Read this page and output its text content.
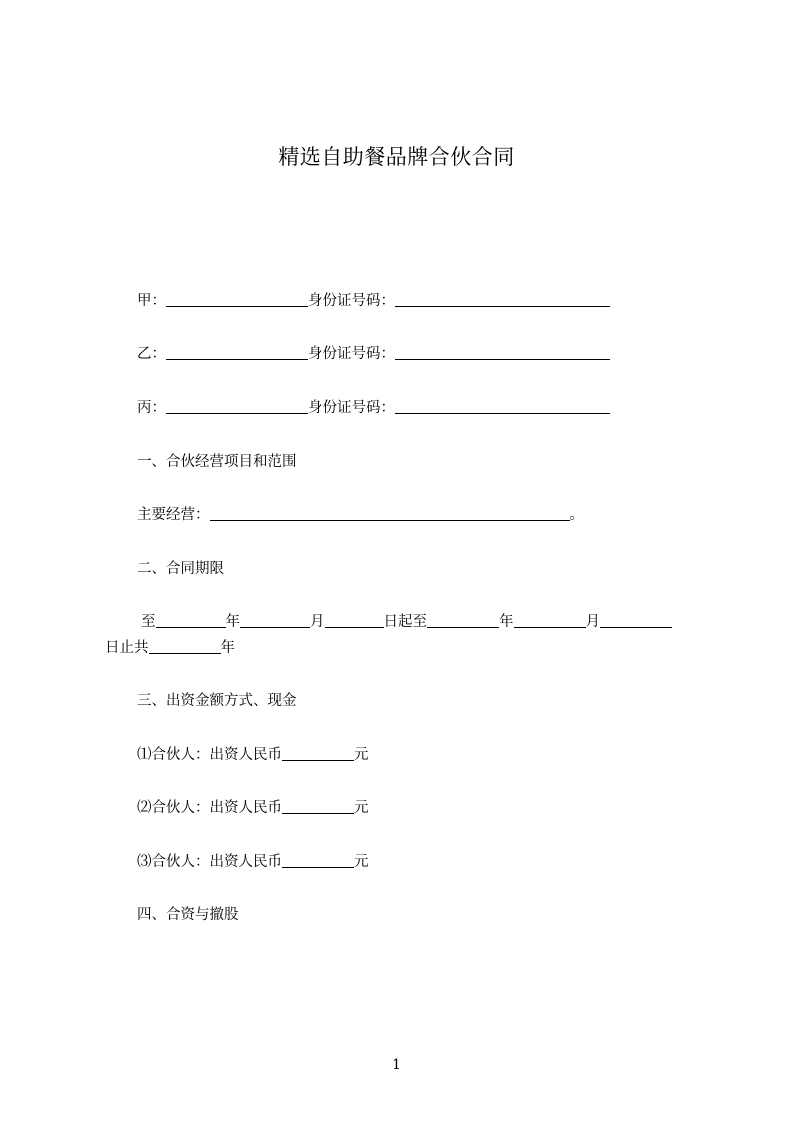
精选自助餐品牌合伙合同
甲：	身份证号码：
乙：	身份证号码：
丙：	身份证号码：
一、合伙经营项目和范围
主要经营：	。
二、合同期限
至	年	月	日起至	年	月
日止共	年
三、出资金额方式、现金
⑴合伙人：出资人民币	元
⑵合伙人：出资人民币	元
⑶合伙人：出资人民币	元
四、合资与撤股
1
